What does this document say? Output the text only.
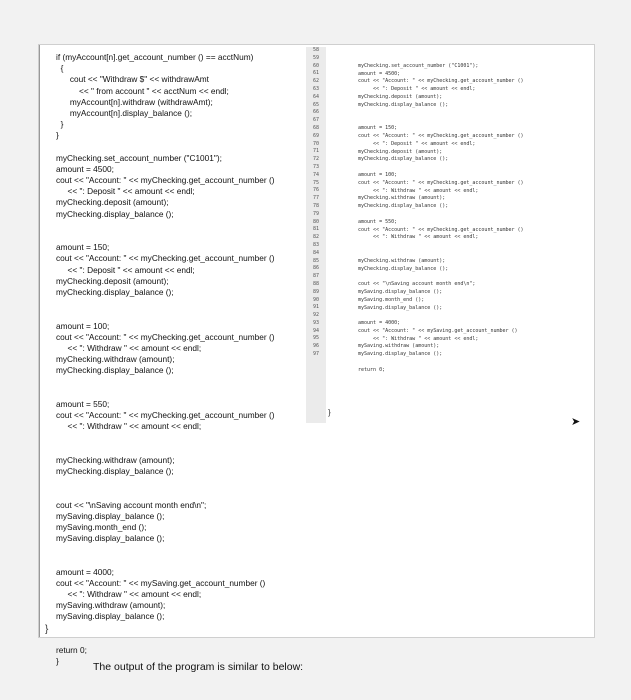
}
if (myAccount[n].get_account_number () == acctNum)
{
cout << "Withdraw $" << withdrawAmt
<< " from account " << acctNum << endl;
myAccount[n].withdraw (withdrawAmt);
myAccount[n].display_balance ();
}
}
myChecking.set_account_number ("C1001");
amount = 4500;
cout << "Account: " << myChecking.get_account_number ()
<< ": Deposit " << amount << endl;
myChecking.deposit (amount);
myChecking.display_balance ();
amount = 150;
cout << "Account: " << myChecking.get_account_number ()
<< ": Deposit " << amount << endl;
myChecking.deposit (amount);
myChecking.display_balance ();
amount = 100;
cout << "Account: " << myChecking.get_account_number ()
<< ": Withdraw " << amount << endl;
myChecking.withdraw (amount);
myChecking.display_balance ();
amount = 550;
cout << "Account: " << myChecking.get_account_number ()
<< ": Withdraw " << amount << endl;
myChecking.withdraw (amount);
myChecking.display_balance ();
cout << "\nSaving account month end\n";
mySaving.display_balance ();
mySaving.month_end ();
mySaving.display_balance ();
amount = 4000;
cout << "Account: " << mySaving.get_account_number ()
<< ": Withdraw " << amount << endl;
mySaving.withdraw (amount);
mySaving.display_balance ();
return 0;
}
58
59
60
61
62
63
64
65
66
67
68
69
70
71
72
73
74
75
76
77
78
79
80
81
82
83
84
85
86
87
88
89
90
91
92
93
94
95
96
97
}
myChecking.set_account_number ("C1001");
amount = 4500;
cout << "Account: " << myChecking.get_account_number ()
<< ": Deposit " << amount << endl;
myChecking.deposit (amount);
myChecking.display_balance ();
amount = 150;
cout << "Account: " << myChecking.get_account_number ()
<< ": Deposit " << amount << endl;
myChecking.deposit (amount);
myChecking.display_balance ();
amount = 100;
cout << "Account: " << myChecking.get_account_number ()
<< ": Withdraw " << amount << endl;
myChecking.withdraw (amount);
myChecking.display_balance ();
amount = 550;
cout << "Account: " << myChecking.get_account_number ()
<< ": Withdraw " << amount << endl;
myChecking.withdraw (amount);
myChecking.display_balance ();
cout << "\nSaving account month end\n";
mySaving.display_balance ();
mySaving.month_end ();
mySaving.display_balance ();
amount = 4000;
cout << "Account: " << mySaving.get_account_number ()
<< ": Withdraw " << amount << endl;
mySaving.withdraw (amount);
mySaving.display_balance ();
return 0;
➤
The output of the program is similar to below:
